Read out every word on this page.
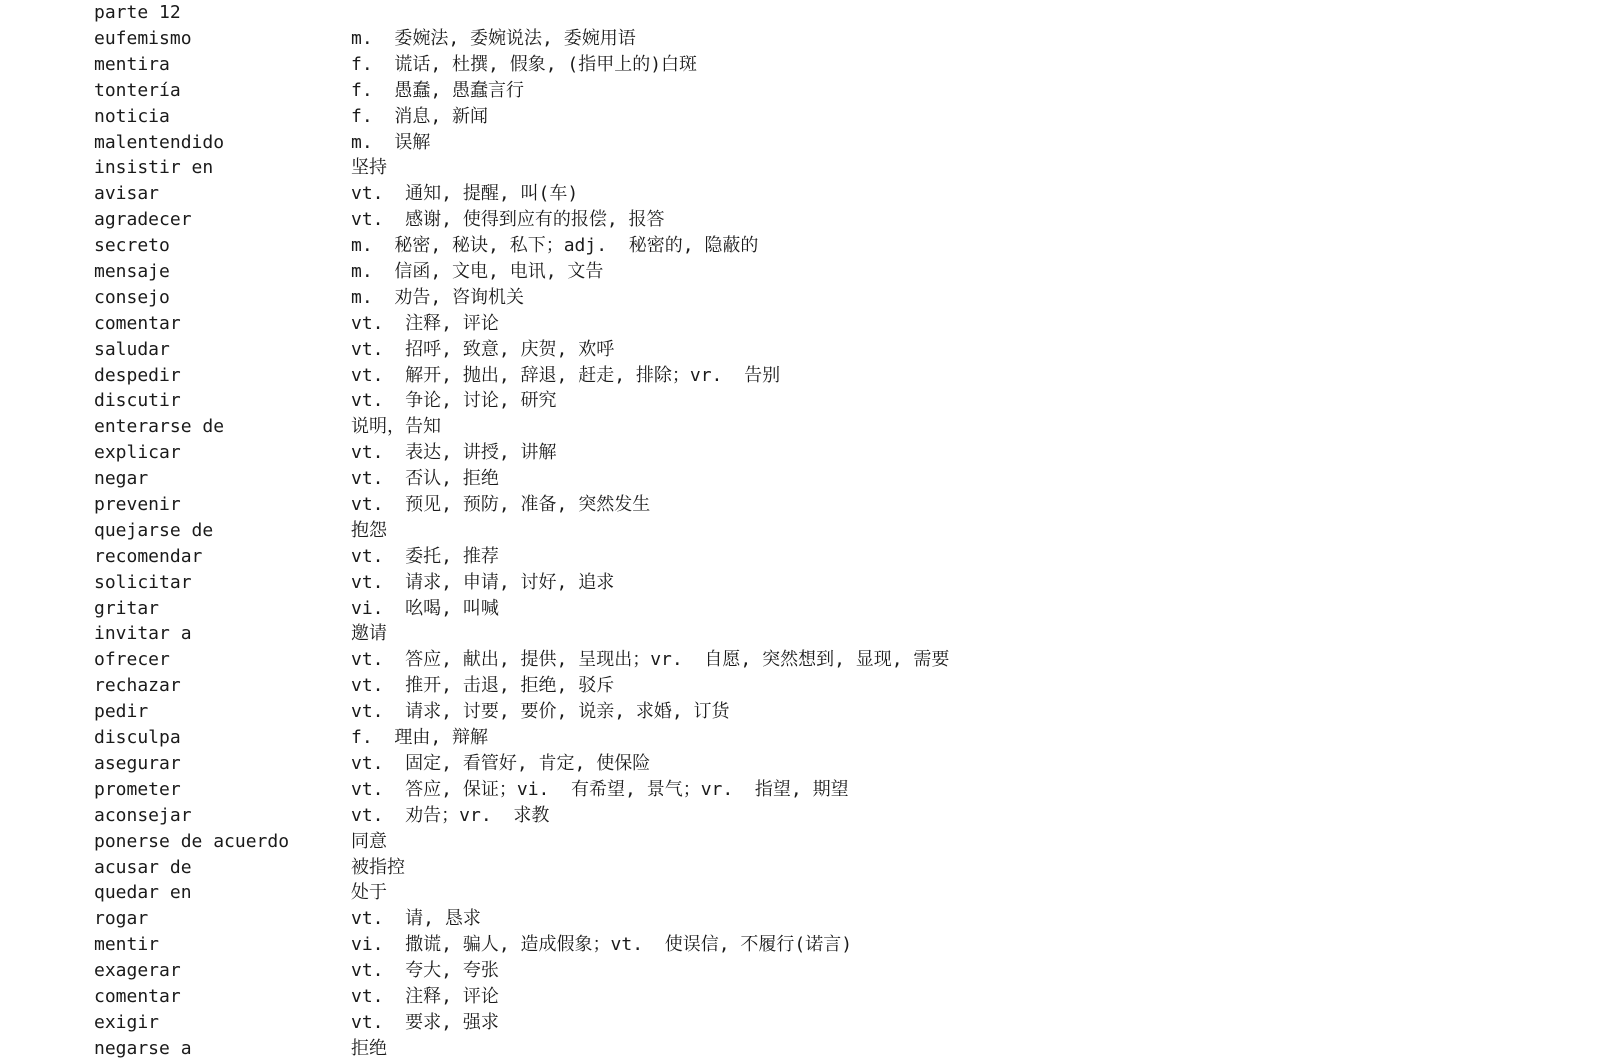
parte 12
eufemismo	m.  委婉法, 委婉说法, 委婉用语
mentira	f.  谎话, 杜撰, 假象, (指甲上的)白斑
tontería	f.  愚蠢, 愚蠢言行
noticia	f.  消息, 新闻
malentendido	m.  误解
insistir en	坚持
avisar	vt.  通知, 提醒, 叫(车)
agradecer	vt.  感谢, 使得到应有的报偿, 报答
secreto	m.  秘密, 秘诀, 私下；adj.  秘密的, 隐蔽的
mensaje	m.  信函, 文电, 电讯, 文告
consejo	m.  劝告, 咨询机关
comentar	vt.  注释, 评论
saludar	vt.  招呼, 致意, 庆贺, 欢呼
despedir	vt.  解开, 抛出, 辞退, 赶走, 排除；vr.  告别
discutir	vt.  争论, 讨论, 研究
enterarse de	说明，告知
explicar	vt.  表达, 讲授, 讲解
negar	vt.  否认, 拒绝
prevenir	vt.  预见, 预防, 准备, 突然发生
quejarse de	抱怨
recomendar	vt.  委托, 推荐
solicitar	vt.  请求, 申请, 讨好, 追求
gritar	vi.  吆喝, 叫喊
invitar a	邀请
ofrecer	vt.  答应, 献出, 提供, 呈现出；vr.  自愿, 突然想到, 显现, 需要
rechazar	vt.  推开, 击退, 拒绝, 驳斥
pedir	vt.  请求, 讨要, 要价, 说亲, 求婚, 订货
disculpa	f.  理由, 辩解
asegurar	vt.  固定, 看管好, 肯定, 使保险
prometer	vt.  答应, 保证；vi.  有希望, 景气；vr.  指望, 期望
aconsejar	vt.  劝告；vr.  求教
ponerse de acuerdo	同意
acusar de	被指控
quedar en	处于
rogar	vt.  请, 恳求
mentir	vi.  撒谎, 骗人, 造成假象；vt.  使误信, 不履行(诺言)
exagerar	vt.  夸大, 夸张
comentar	vt.  注释, 评论
exigir	vt.  要求, 强求
negarse a	拒绝
